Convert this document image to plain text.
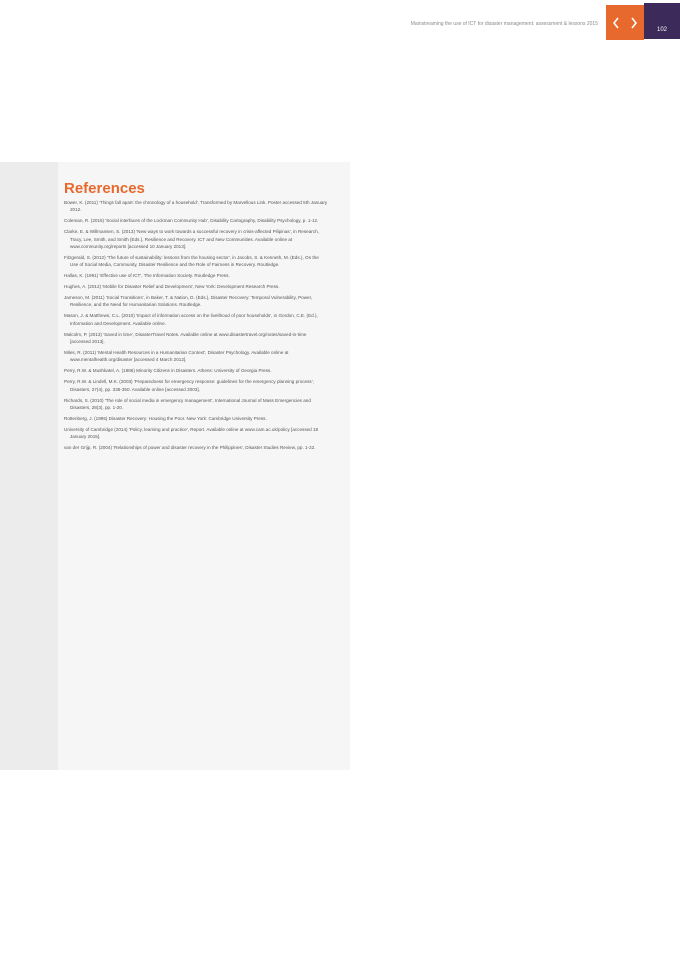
Mainstreaming the use of ICT for disaster management: assessment & lessons 2015
102
References
Bower, K. (2011) 'Things fall apart: the chronology of a household', Transformed by Marvellous Link. Poster accessed 5th January 2012.
Coleman, R. (2015) 'Social interfaces of the Lockman Community Hub', Disability Cartography, Disability Psychology, p. 1-12.
Clarke, E. & Willmansen, S. (2013) 'New ways to work towards a successful recovery in crisis-affected Pilipinas', in Research, Tracy, Lee, Smith, and Smith (Eds.), Resilience and Recovery. ICT and New Communities. Available online at www.community.org/reports [accessed 10 January 2013].
Fitzgerald, S. (2012) 'The future of sustainability: lessons from the housing sector', in Jacobs, S. & Kenneth, M. (Eds.), On the Use of Social Media, Community, Disaster Resilience and the Role of Fairness in Recovery. Routledge.
Hallas, K. (1991) 'Effective use of ICT', The Information Society. Routledge Press.
Hughes, A. (2012) 'Mobile for Disaster Relief and Development', New York: Development Research Press.
Jameson, M. (2011) 'Social Transitions', in Baker, T. & Nation, D. (Eds.), Disaster Recovery: Temporal Vulnerability, Power, Resilience, and the Need for Humanitarian Solutions. Routledge.
Mason, J. & Matthews, C.L. (2010) 'Impact of information access on the livelihood of poor households', in Gordon, C.E. (Ed.), Information and Development. Available online.
Malcolm, P. (2013) 'Saved in time', DisasterTravel Notes. Available online at www.disastertravel.org/notes/saved-in-time [accessed 2013].
Miles, R. (2011) 'Mental Health Resources in a Humanitarian Context', Disaster Psychology. Available online at www.mentalhealth.org/disaster [accessed 4 March 2012].
Perry, R.W. & Mushkatel, A. (1986) Minority Citizens in Disasters. Athens: University of Georgia Press.
Perry, R.W. & Lindell, M.K. (2003) 'Preparedness for emergency response: guidelines for the emergency planning process', Disasters, 27(4), pp. 336-350. Available online [accessed 2003].
Richards, S. (2010) 'The role of social media in emergency management', International Journal of Mass Emergencies and Disasters, 28(3), pp. 1-20.
Rottenberg, J. (1995) Disaster Recovery: Housing the Poor. New York: Cambridge University Press.
University of Cambridge (2014) 'Policy, learning and practice', Report. Available online at www.cam.ac.uk/policy [accessed 18 January 2015].
van der Grijp, R. (2004) 'Relationships of power and disaster recovery in the Philippines', Disaster Studies Review, pp. 1-22.
